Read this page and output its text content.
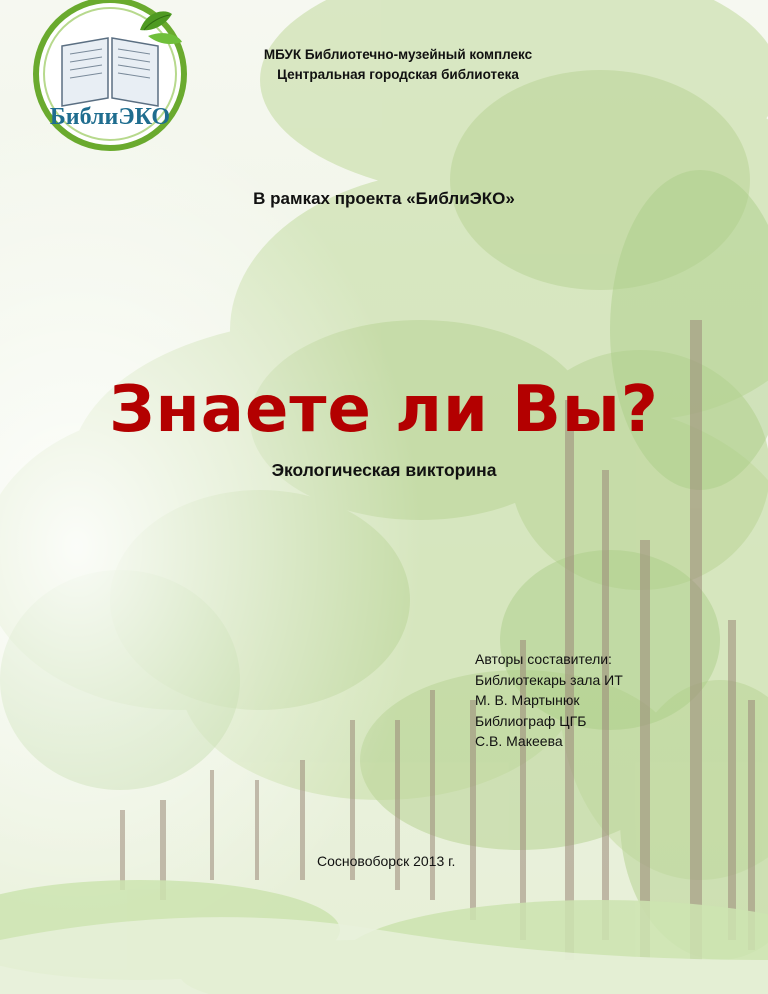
БиблиЭКО
МБУК Библиотечно-музейный комплекс
Центральная городская библиотека
В рамках проекта «БиблиЭКО»
Знаете ли Вы?
Экологическая викторина
Авторы составители:
Библиотекарь зала ИТ
М. В. Мартынюк
Библиограф ЦГБ
С.В. Макеева
Сосновоборск 2013 г.
